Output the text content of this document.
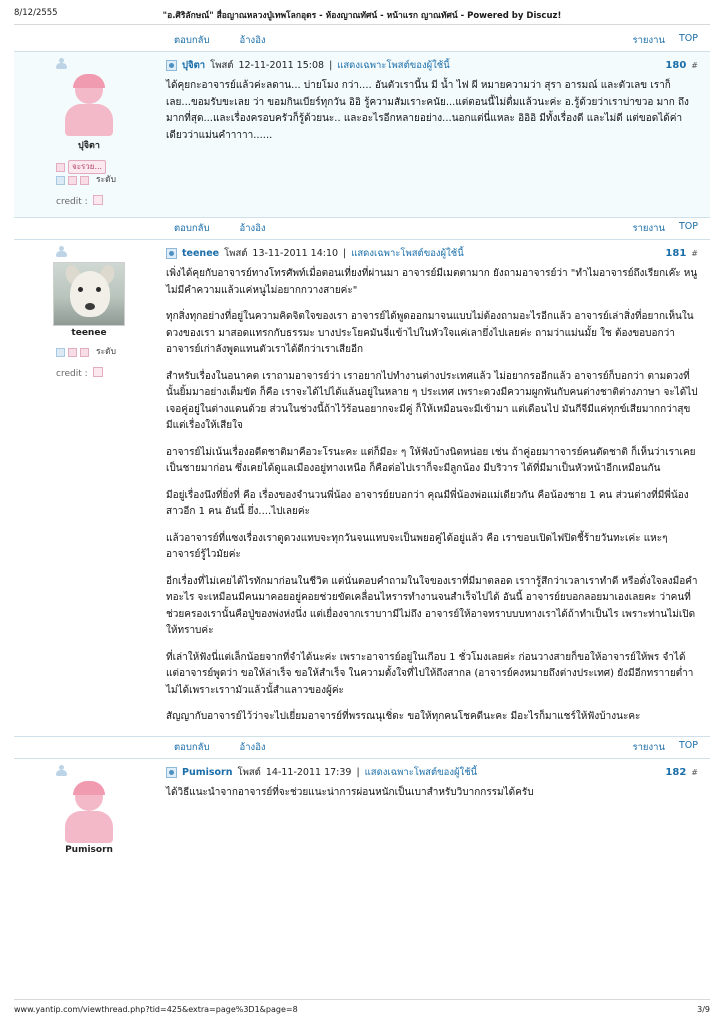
8/12/2555	"อ.ศิริลักษณ์" สื่อญาณหลวงปู่เทพโลกอุดร - ห้องญาณทัศน์ - หน้าแรก ญาณทัศน์ - Powered by Discuz!
ตอบกลับ	อ้างอิง	รายงาน TOP
ปุจิตา
จะรวย...
ระดับ
credit :
ปุจิตา โพสต์ 12-11-2011 15:08 | แสดงเฉพาะโพสต์ของผู้ใช้นี้	180 #

ได้คุยกะอาจารย์แล้วค่ะลดาน... บ่ายโมง กว่า.... อันตัวเรานี้น มี น้ำ ไฟ ผี หมายความว่า สุรา อารมณ์ และตัวเลข เราก็เลย...ขอมรับขะเลย ว่า ขอมกินเบียร์ทุกวัน อิอิ รู้ความสัมเราะคนัย...แต่ตอนนี้ไม่ดื่มแล้วนะค่ะ อ.รู้ด้วยว่าเราบ่าขวอ มาก ถึงมากที่สุด...และเรื่องครอบครัวก็รู้ด้วยนะ.. และอะไรอีกหลายอย่าง...นอกแต่นี่แหละ อิอิอิ มีทั้งเรื่องดี และไม่ดี แต่ขอดได้ค่าเดียวว่าแม่นคำาาาา......

ตอบกลับ	อ้างอิง	รายงาน TOP
teenee
ระดับ
credit :
teenee โพสต์ 13-11-2011 14:10 | แสดงเฉพาะโพสต์ของผู้ใช้นี้	181 #

เพิ่งได้คุยกับอาจารย์ทางโทรศัพท์เมื่อตอนเที่ยงที่ผ่านมา อาจารย์มีเมตตามาก ยังถามอาจารย์ว่า "ทำไมอาจารย์ถึงเรียกเค๊ะ หนูไม่มีคำความแล้วแค่หนูไม่อยากกวางสายค่ะ"

ทุกสิ่งทุกอย่างที่อยู่ในความคิดจิตใจของเรา อาจารย์ได้พูดออกมาจนแบบไม่ต้องถามอะไรอีกแล้ว อาจารย์เล่าสิ่งที่อยากเห็นในดวงของเรา มาสอดแทรกกับธรรมะ บางประโยคมันจี่แข้าไปในหัวใจแค่เลายึ่งไปเลยค่ะ ถามว่าแม่นมั้ย ใช ต้องขอบอกว่า อาจารย์เก่าลังพูดแทนตัวเราได้ดีกว่าเราเสียอีก

สำหรับเรื่องในอนาคต เราถามอาจารย์ว่า เราอยากไปทำงานต่างประเทศแล้ว ไม่อยากรออีกแล้ว อาจารย์ก็บอกว่า ตามดวงที่นั้นยิ้มมาอย่างเต็มขัด ก็คือ เราจะได้ไปได้แล้นอยู่ในหลาย ๆ ประเทศ เพราะดวงมีความผูกพันกับคนต่างชาติต่างภาษา จะได้ไปเจอคู่อยู่ในต่างแดนด้วย ส่วนในช่วงนี้ถ้าไว้ร้อนอยากจะมีคู่ ก็ให้เหมือนจะมีเข้ามา แต่เดือนไป มันกีจีมีแค่ทุกข์เสียมากกว่าสุข มีแต่เรื่องให้เสียใจ

อาจารย์ไม่เน้นเรื่องอดีตชาติมาคือวะโรนะคะ แต่ก็มีอะ ๆ ให้ฟังบ้างนิดหน่อย เช่น ถ้าคู่อยมาาจารย์คนตัดชาติ ก็เห็นว่าเราเคยเป็นชายมาก่อน ซึ่งเคยได้ดูแลเมืองอยู่ทางเหนือ ก็คือต่อไปเราก็จะมีลูกน้อง มีบริวาร ได้ที่มีมาเป็นหัวหน้าอีกเหมือนกัน

มีอยู่เรื่องนึงที่ยิ่งที่ คือ เรื่องของจำนวนพี่น้อง อาจารย์ยบอกว่า คุณมีพี่น้องพ่อแม่เดียวกัน คือน้องชาย 1 คน ส่วนต่างที่มีพี่น้องสาวอีก 1 คน อันนี้ ยึ่ง....ไปเลยค่ะ

แล้วอาจารย์ที่แซงเรื่องเราดูดวงแทบจะทุกวันจนแทบจะเป็นพยอคู่ได้อยู่แล้ว คือ เราขอบเปิดไฟปิดชี้ร้ายวันทะเค่ะ แหะๆ อาจารย์รู้ไวมัยค่ะ

อีกเรื่องที่ไม่เคยได้ไรทักมาก่อนในชีวิต แต่นั่นตอบคำถามในใจของเราที่มีมาตลอด เราารู้สึกว่าเวลาเราทำดี หรือดั่งใจลงมือคำทอะไร จะเหมือนมีคนมาคอยอยู่คอยช่วยขัดเคลื่อนไหรารทำงานจนสำเร็จไปได้ อันนี้ อาจารย์ยบอกลอยมาเองเลยคะ ว่าคนที่ช่วยครองเรานั้นคือปู่ของพ่งห่งนึ่ง แต่เยื่องจากเราบาามีไม่ถึง อาจารย์ให้อาจทราบบบทางเราได้ถ้าทำเป็นไร เพราะท่านไม่เปิดให้ทราบค่ะ

ที่เล่าให้ฟังนี่แต่เล็กน้อยจากที่จำได้นะค่ะ เพราะอาจารย์อยู่ในเกือบ 1 ชั่วโมงเลยค่ะ ก่อนวางสายก็ขอให้อาจารย์ให้พร จำได้แต่อาจารย์พูดว่า ขอให้ล่าเร็จ ขอให้สำเร็จ ในความตั้งใจที่ไปให้ถึงสากล (อาจารย์คงหมายถึงต่างประเทศ) ยังมีอีกทราายต่ำาไม่ได้เพราะเราามัวแล้วนั้สำแลาวของผู้ค่ะ

สัญญากับอาจารย์ไว้ว่าจะไปเยี่ยมอาจารย์ที่พรรณนุเชิ่ดะ ขอให้ทุกคนโชคดีนะคะ มีอะไรก็มาแชร์ให้ฟังบ้างนะคะ

ตอบกลับ	อ้างอิง	รายงาน TOP
Pumisorn
Pumisorn โพสต์ 14-11-2011 17:39 | แสดงเฉพาะโพสต์ของผู้ใช้นี้	182 #

ได้วิธีแนะนำจากอาจารย์ที่จะช่วยแนะน่าการผ่อนหนักเป็นเบาสำหรับวิบากกรรมได้ครับ

www.yantip.com/viewthread.php?tid=425&extra=page%3D1&page=8	3/9
